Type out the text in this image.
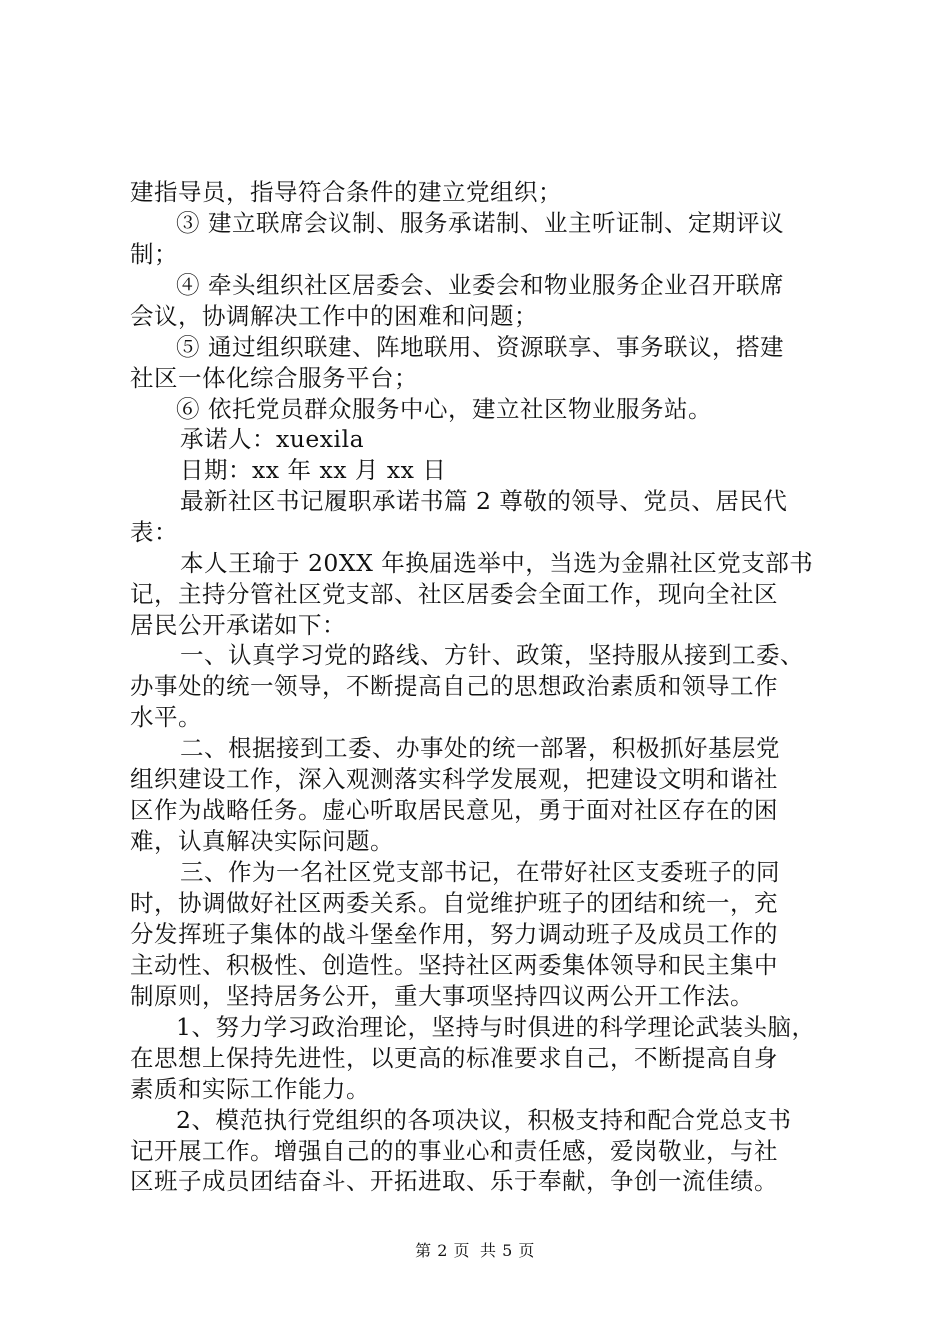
建指导员，指导符合条件的建立党组织；
③ 建立联席会议制、服务承诺制、业主听证制、定期评议
制；
④ 牵头组织社区居委会、业委会和物业服务企业召开联席
会议，协调解决工作中的困难和问题；
⑤ 通过组织联建、阵地联用、资源联享、事务联议，搭建
社区一体化综合服务平台；
⑥ 依托党员群众服务中心，建立社区物业服务站。
承诺人：xuexila
日期：xx 年 xx 月 xx 日
最新社区书记履职承诺书篇 2 尊敬的领导、党员、居民代
表：
本人王瑜于 20XX 年换届选举中，当选为金鼎社区党支部书
记，主持分管社区党支部、社区居委会全面工作，现向全社区
居民公开承诺如下：
一、认真学习党的路线、方针、政策，坚持服从接到工委、
办事处的统一领导，不断提高自己的思想政治素质和领导工作
水平。
二、根据接到工委、办事处的统一部署，积极抓好基层党
组织建设工作，深入观测落实科学发展观，把建设文明和谐社
区作为战略任务。虚心听取居民意见，勇于面对社区存在的困
难，认真解决实际问题。
三、作为一名社区党支部书记，在带好社区支委班子的同
时，协调做好社区两委关系。自觉维护班子的团结和统一，充
分发挥班子集体的战斗堡垒作用，努力调动班子及成员工作的
主动性、积极性、创造性。坚持社区两委集体领导和民主集中
制原则，坚持居务公开，重大事项坚持四议两公开工作法。
1、努力学习政治理论，坚持与时俱进的科学理论武装头脑，
在思想上保持先进性，以更高的标准要求自己，不断提高自身
素质和实际工作能力。
2、模范执行党组织的各项决议，积极支持和配合党总支书
记开展工作。增强自己的的事业心和责任感，爱岗敬业，与社
区班子成员团结奋斗、开拓进取、乐于奉献，争创一流佳绩。
第 2 页 共 5 页
